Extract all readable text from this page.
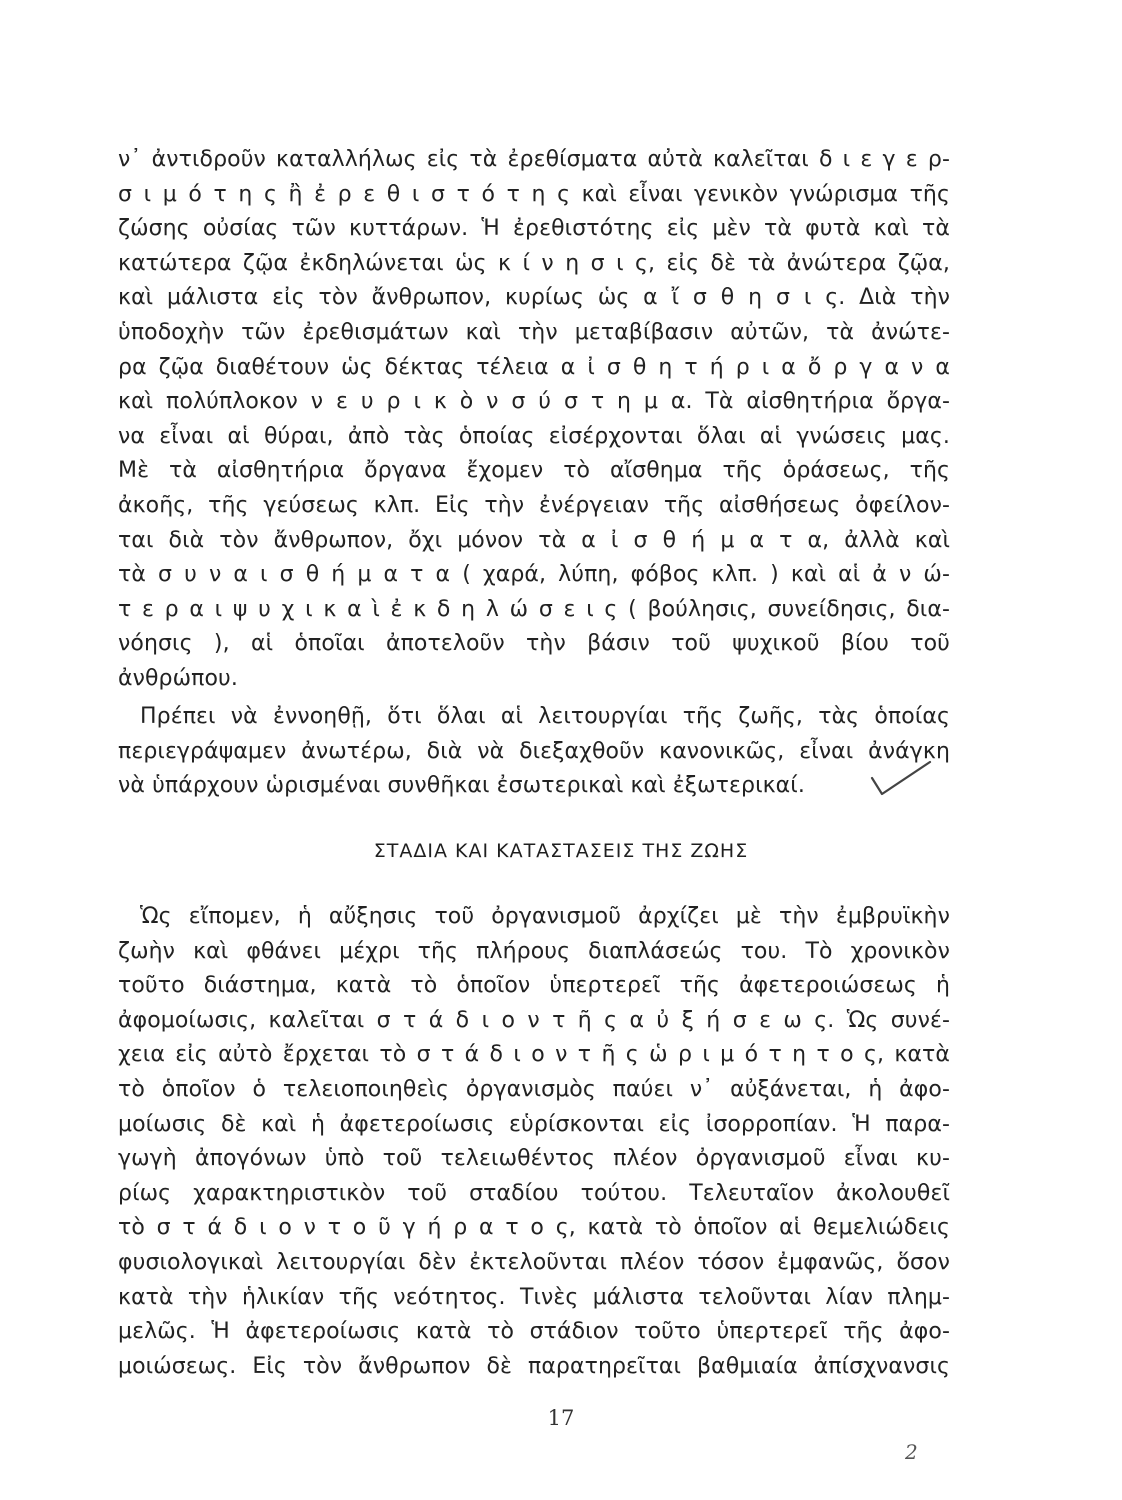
ν᾽ ἀντιδροῦν καταλλήλως εἰς τὰ ἐρεθίσματα αὐτὰ καλεῖται δ ι ε γ ε ρ-
σ ι μ ό τ η ς ἢ ἐ ρ ε θ ι σ τ ό τ η ς καὶ εἶναι γενικὸν γνώρισμα τῆς
ζώσης οὐσίας τῶν κυττάρων. Ἡ ἐρεθιστότης εἰς μὲν τὰ φυτὰ καὶ τὰ
κατώτερα ζῷα ἐκδηλώνεται ὡς κ ί ν η σ ι ς, εἰς δὲ τὰ ἀνώτερα ζῷα,
καὶ μάλιστα εἰς τὸν ἄνθρωπον, κυρίως ὡς α ἴ σ θ η σ ι ς. Διὰ τὴν
ὑποδοχὴν τῶν ἐρεθισμάτων καὶ τὴν μεταβίβασιν αὐτῶν, τὰ ἀνώτε-
ρα ζῷα διαθέτουν ὡς δέκτας τέλεια α ἰ σ θ η τ ή ρ ι α ὄ ρ γ α ν α
καὶ πολύπλοκον ν ε υ ρ ι κ ὸ ν σ ύ σ τ η μ α. Τὰ αἰσθητήρια ὄργα-
να εἶναι αἱ θύραι, ἀπὸ τὰς ὁποίας εἰσέρχονται ὅλαι αἱ γνώσεις μας.
Μὲ τὰ αἰσθητήρια ὄργανα ἔχομεν τὸ αἴσθημα τῆς ὁράσεως, τῆς
ἀκοῆς, τῆς γεύσεως κλπ. Εἰς τὴν ἐνέργειαν τῆς αἰσθήσεως ὀφείλον-
ται διὰ τὸν ἄνθρωπον, ὄχι μόνον τὰ α ἰ σ θ ή μ α τ α, ἀλλὰ καὶ
τὰ σ υ ν α ι σ θ ή μ α τ α ( χαρά, λύπη, φόβος κλπ. ) καὶ αἱ ἀ ν ώ-
τ ε ρ α ι ψ υ χ ι κ α ὶ ἐ κ δ η λ ώ σ ε ι ς ( βούλησις, συνείδησις, δια-
νόησις ), αἱ ὁποῖαι ἀποτελοῦν τὴν βάσιν τοῦ ψυχικοῦ βίου τοῦ
ἀνθρώπου.
Πρέπει νὰ ἐννοηθῇ, ὅτι ὅλαι αἱ λειτουργίαι τῆς ζωῆς, τὰς ὁποίας
περιεγράψαμεν ἀνωτέρω, διὰ νὰ διεξαχθοῦν κανονικῶς, εἶναι ἀνάγκη
νὰ ὑπάρχουν ὡρισμέναι συνθῆκαι ἐσωτερικαὶ καὶ ἐξωτερικαί.
ΣΤΑΔΙΑ ΚΑΙ ΚΑΤΑΣΤΑΣΕΙΣ ΤΗΣ ΖΩΗΣ
Ὡς εἴπομεν, ἡ αὔξησις τοῦ ὀργανισμοῦ ἀρχίζει μὲ τὴν ἐμβρυϊκὴν
ζωὴν καὶ φθάνει μέχρι τῆς πλήρους διαπλάσεώς του. Τὸ χρονικὸν
τοῦτο διάστημα, κατὰ τὸ ὁποῖον ὑπερτερεῖ τῆς ἀφετεροιώσεως ἡ
ἀφομοίωσις, καλεῖται σ τ ά δ ι ο ν τ ῆ ς α ὐ ξ ή σ ε ω ς. Ὡς συνέ-
χεια εἰς αὐτὸ ἔρχεται τὸ σ τ ά δ ι ο ν τ ῆ ς ὡ ρ ι μ ό τ η τ ο ς, κατὰ
τὸ ὁποῖον ὁ τελειοποιηθεὶς ὀργανισμὸς παύει ν᾽ αὐξάνεται, ἡ ἀφο-
μοίωσις δὲ καὶ ἡ ἀφετεροίωσις εὑρίσκονται εἰς ἰσορροπίαν. Ἡ παρα-
γωγὴ ἀπογόνων ὑπὸ τοῦ τελειωθέντος πλέον ὀργανισμοῦ εἶναι κυ-
ρίως χαρακτηριστικὸν τοῦ σταδίου τούτου. Τελευταῖον ἀκολουθεῖ
τὸ σ τ ά δ ι ο ν τ ο ῦ γ ή ρ α τ ο ς, κατὰ τὸ ὁποῖον αἱ θεμελιώδεις
φυσιολογικαὶ λειτουργίαι δὲν ἐκτελοῦνται πλέον τόσον ἐμφανῶς, ὅσον
κατὰ τὴν ἡλικίαν τῆς νεότητος. Τινὲς μάλιστα τελοῦνται λίαν πλημ-
μελῶς. Ἡ ἀφετεροίωσις κατὰ τὸ στάδιον τοῦτο ὑπερτερεῖ τῆς ἀφο-
μοιώσεως. Εἰς τὸν ἄνθρωπον δὲ παρατηρεῖται βαθμιαία ἀπίσχνανσις
17
2
